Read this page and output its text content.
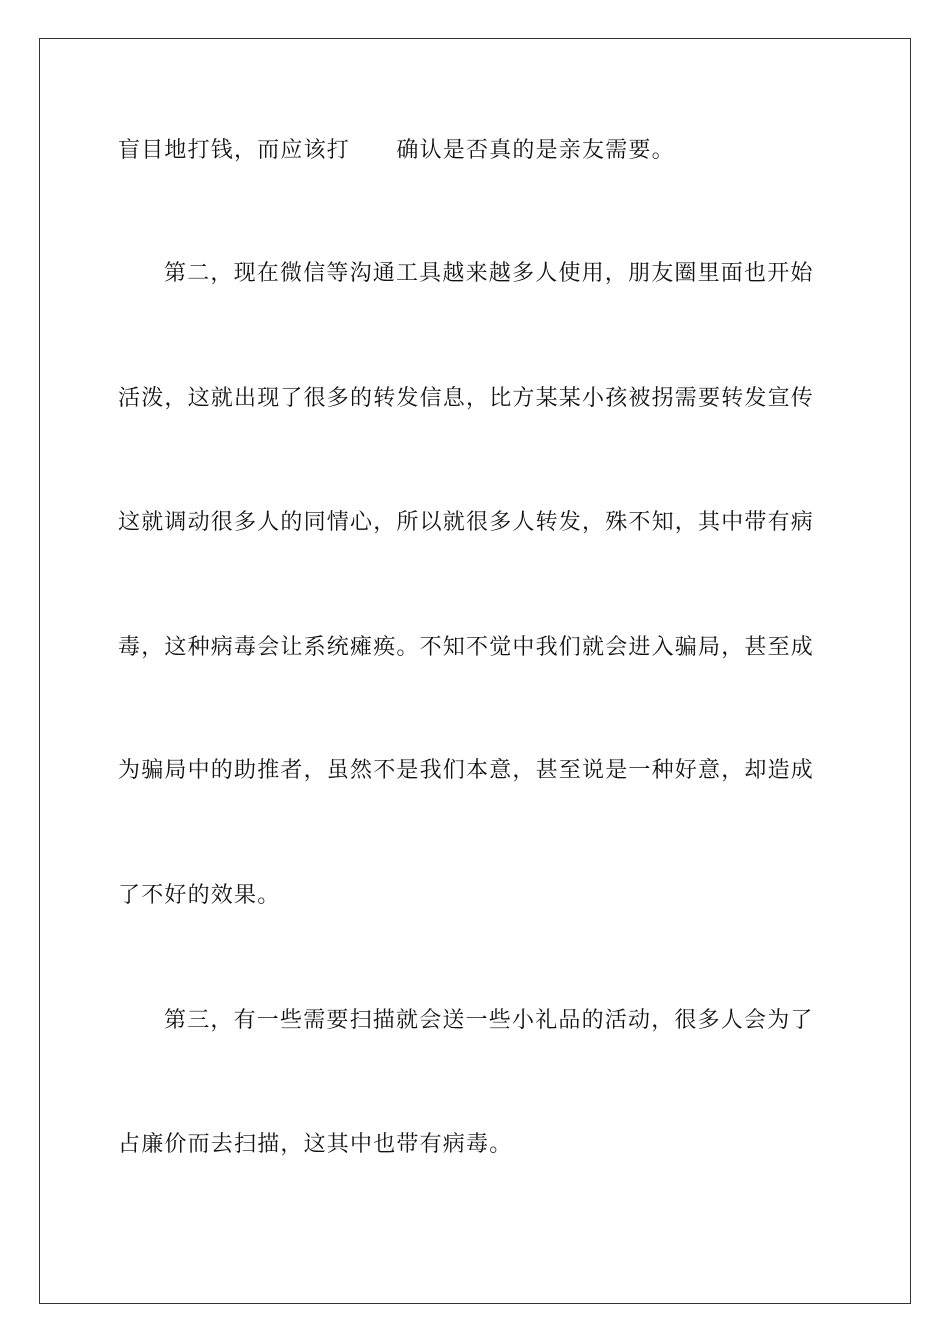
盲目地打钱，而应该打　　确认是否真的是亲友需要。
第二，现在微信等沟通工具越来越多人使用，朋友圈里面也开始
活泼，这就出现了很多的转发信息，比方某某小孩被拐需要转发宣传
这就调动很多人的同情心，所以就很多人转发，殊不知，其中带有病
毒，这种病毒会让系统瘫痪。不知不觉中我们就会进入骗局，甚至成
为骗局中的助推者，虽然不是我们本意，甚至说是一种好意，却造成
了不好的效果。
第三，有一些需要扫描就会送一些小礼品的活动，很多人会为了
占廉价而去扫描，这其中也带有病毒。
